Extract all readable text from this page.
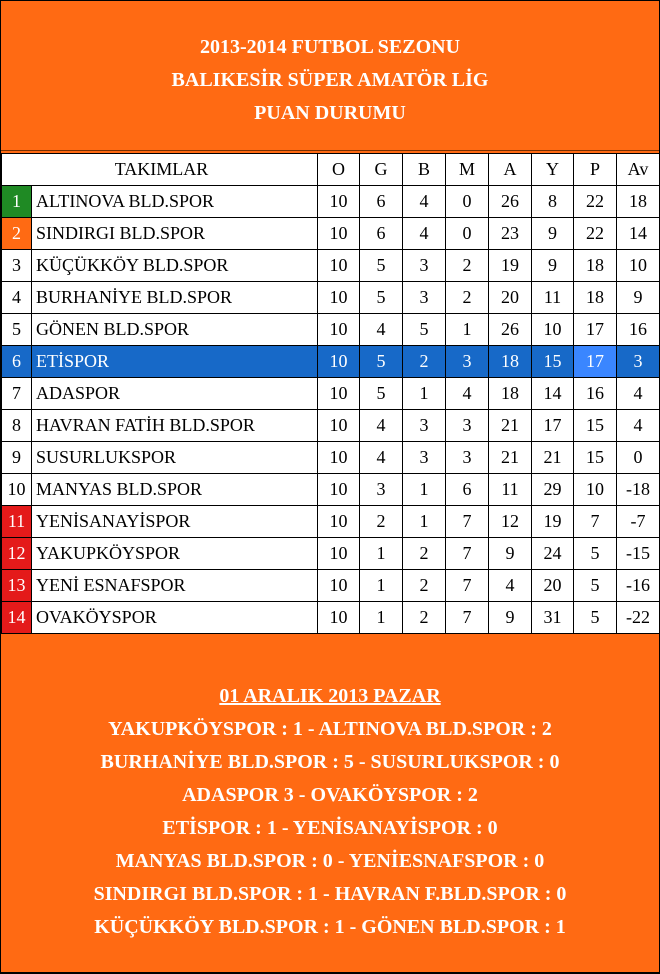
2013-2014 FUTBOL SEZONU
BALIKESİR SÜPER AMATÖR LİG
PUAN DURUMU
TAKIMLAR		O	G	B	M	A	Y	P	Av
1	ALTINOVA BLD.SPOR	10	6	4	0	26	8	22	18
2	SINDIRGI BLD.SPOR	10	6	4	0	23	9	22	14
3	KÜÇÜKKÖY BLD.SPOR	10	5	3	2	19	9	18	10
4	BURHANİYE BLD.SPOR	10	5	3	2	20	11	18	9
5	GÖNEN BLD.SPOR	10	4	5	1	26	10	17	16
6	ETİSPOR	10	5	2	3	18	15	17	3
7	ADASPOR	10	5	1	4	18	14	16	4
8	HAVRAN FATİH BLD.SPOR	10	4	3	3	21	17	15	4
9	SUSURLUKSPOR	10	4	3	3	21	21	15	0
10	MANYAS BLD.SPOR	10	3	1	6	11	29	10	-18
11	YENİSANAYİSPOR	10	2	1	7	12	19	7	-7
12	YAKUPKÖYSPOR	10	1	2	7	9	24	5	-15
13	YENİ ESNAFSPOR	10	1	2	7	4	20	5	-16
14	OVAKÖYSPOR	10	1	2	7	9	31	5	-22
01 ARALIK 2013 PAZAR
YAKUPKÖYSPOR : 1 - ALTINOVA BLD.SPOR : 2
BURHANİYE BLD.SPOR : 5 - SUSURLUKSPOR : 0
ADASPOR 3 - OVAKÖYSPOR : 2
ETİSPOR : 1 - YENİSANAYİSPOR : 0
MANYAS BLD.SPOR : 0 - YENİESNAFSPOR : 0
SINDIRGI BLD.SPOR : 1 - HAVRAN F.BLD.SPOR : 0
KÜÇÜKKÖY BLD.SPOR : 1 - GÖNEN BLD.SPOR : 1
